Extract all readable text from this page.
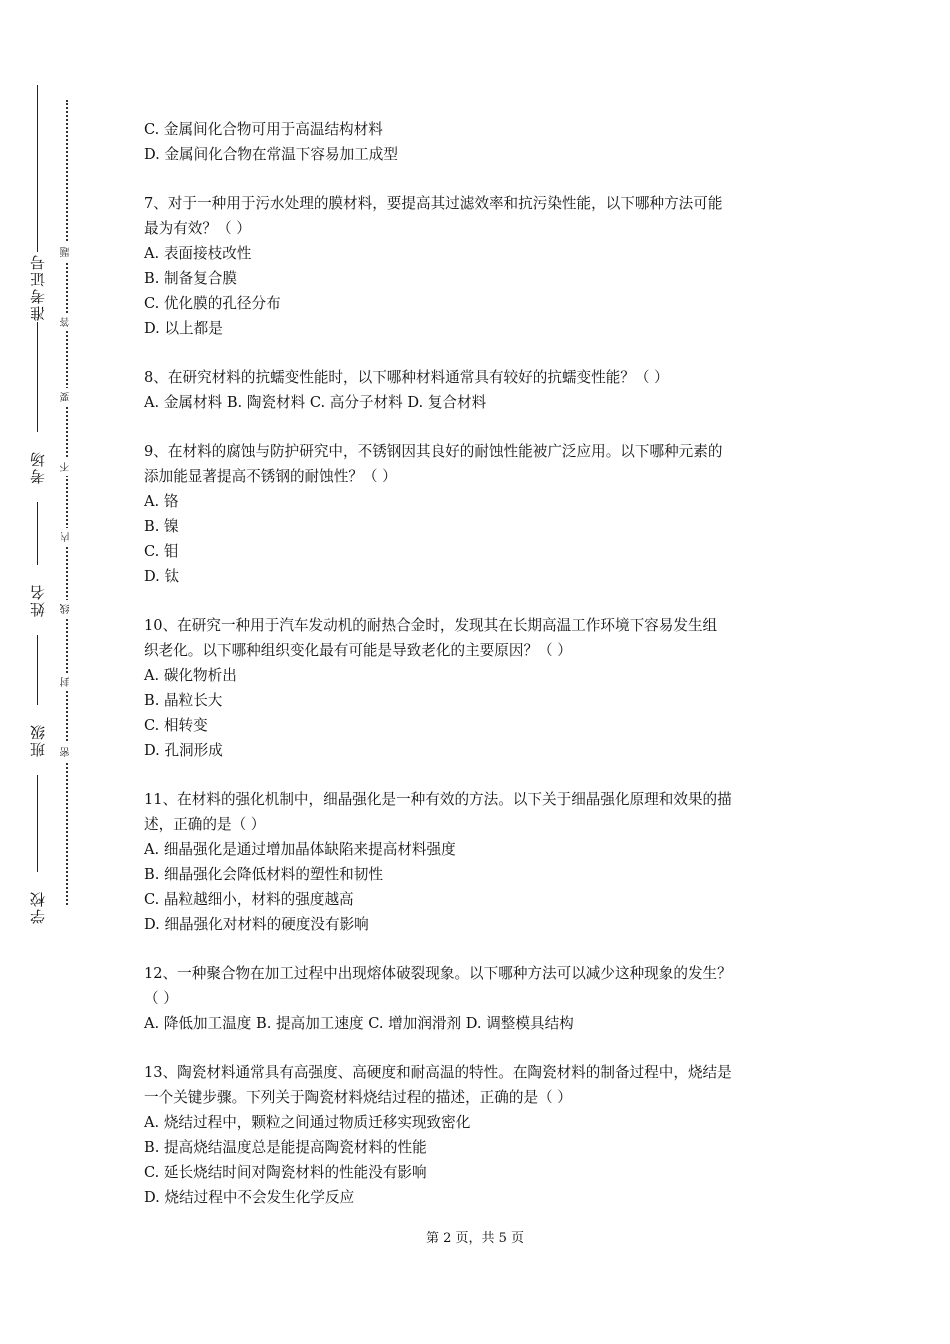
准考证号
考场
姓名
班级
学校
题
答
要
不
内
线
封
密
C. 金属间化合物可用于高温结构材料
D. 金属间化合物在常温下容易加工成型
7、对于一种用于污水处理的膜材料，要提高其过滤效率和抗污染性能，以下哪种方法可能
最为有效？（ ）
A. 表面接枝改性
B. 制备复合膜
C. 优化膜的孔径分布
D. 以上都是
8、在研究材料的抗蠕变性能时，以下哪种材料通常具有较好的抗蠕变性能？（ ）
A. 金属材料 B. 陶瓷材料 C. 高分子材料 D. 复合材料
9、在材料的腐蚀与防护研究中，不锈钢因其良好的耐蚀性能被广泛应用。以下哪种元素的
添加能显著提高不锈钢的耐蚀性？（ ）
A. 铬
B. 镍
C. 钼
D. 钛
10、在研究一种用于汽车发动机的耐热合金时，发现其在长期高温工作环境下容易发生组
织老化。以下哪种组织变化最有可能是导致老化的主要原因？（ ）
A. 碳化物析出
B. 晶粒长大
C. 相转变
D. 孔洞形成
11、在材料的强化机制中，细晶强化是一种有效的方法。以下关于细晶强化原理和效果的描
述，正确的是（ ）
A. 细晶强化是通过增加晶体缺陷来提高材料强度
B. 细晶强化会降低材料的塑性和韧性
C. 晶粒越细小，材料的强度越高
D. 细晶强化对材料的硬度没有影响
12、一种聚合物在加工过程中出现熔体破裂现象。以下哪种方法可以减少这种现象的发生？
（ ）
A. 降低加工温度 B. 提高加工速度 C. 增加润滑剂 D. 调整模具结构
13、陶瓷材料通常具有高强度、高硬度和耐高温的特性。在陶瓷材料的制备过程中，烧结是
一个关键步骤。下列关于陶瓷材料烧结过程的描述，正确的是（ ）
A. 烧结过程中，颗粒之间通过物质迁移实现致密化
B. 提高烧结温度总是能提高陶瓷材料的性能
C. 延长烧结时间对陶瓷材料的性能没有影响
D. 烧结过程中不会发生化学反应
第 2 页，共 5 页
